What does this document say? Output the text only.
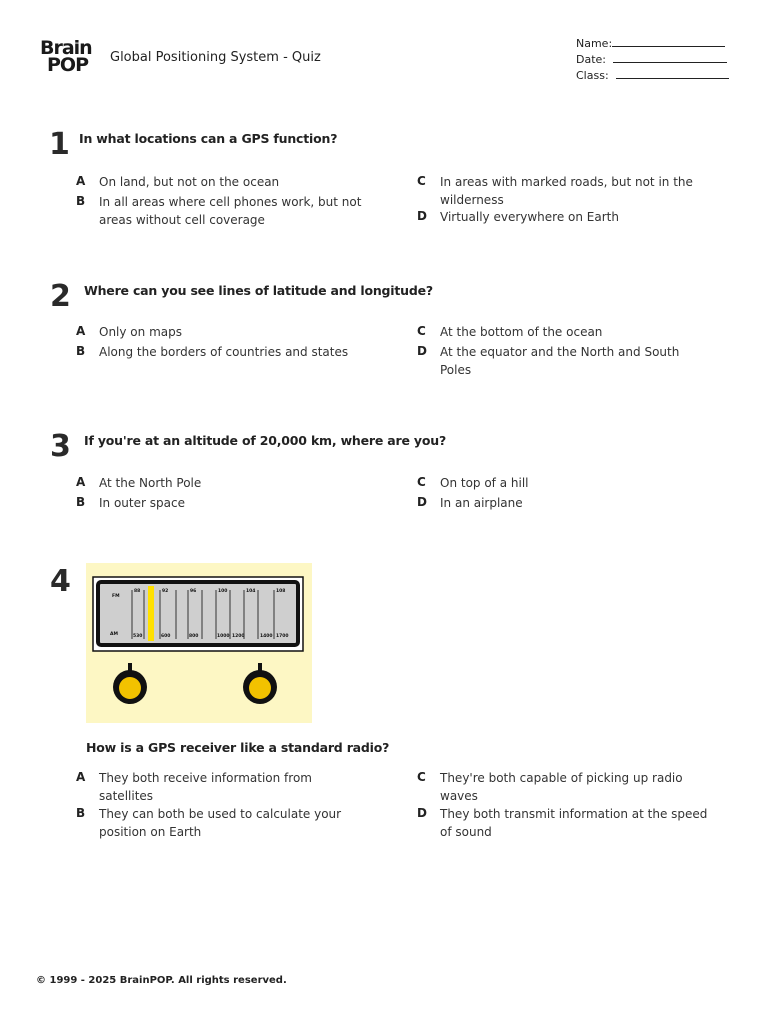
Brain
POP	Global Positioning System - Quiz
Name:
Date:
Class:
1 In what locations can a GPS function?
A On land, but not on the ocean
B In all areas where cell phones work, but not areas without cell coverage
C In areas with marked roads, but not in the wilderness
D Virtually everywhere on Earth
2 Where can you see lines of latitude and longitude?
A Only on maps
B Along the borders of countries and states
C At the bottom of the ocean
D At the equator and the North and South Poles
3 If you're at an altitude of 20,000 km, where are you?
A At the North Pole
B In outer space
C On top of a hill
D In an airplane
4	FM
AM
88	92	96	100	104	108
530	600	800	1000 1200	1400 1700
How is a GPS receiver like a standard radio?
A They both receive information from satellites
B They can both be used to calculate your position on Earth
C They're both capable of picking up radio waves
D They both transmit information at the speed of sound
© 1999 - 2025 BrainPOP. All rights reserved.
